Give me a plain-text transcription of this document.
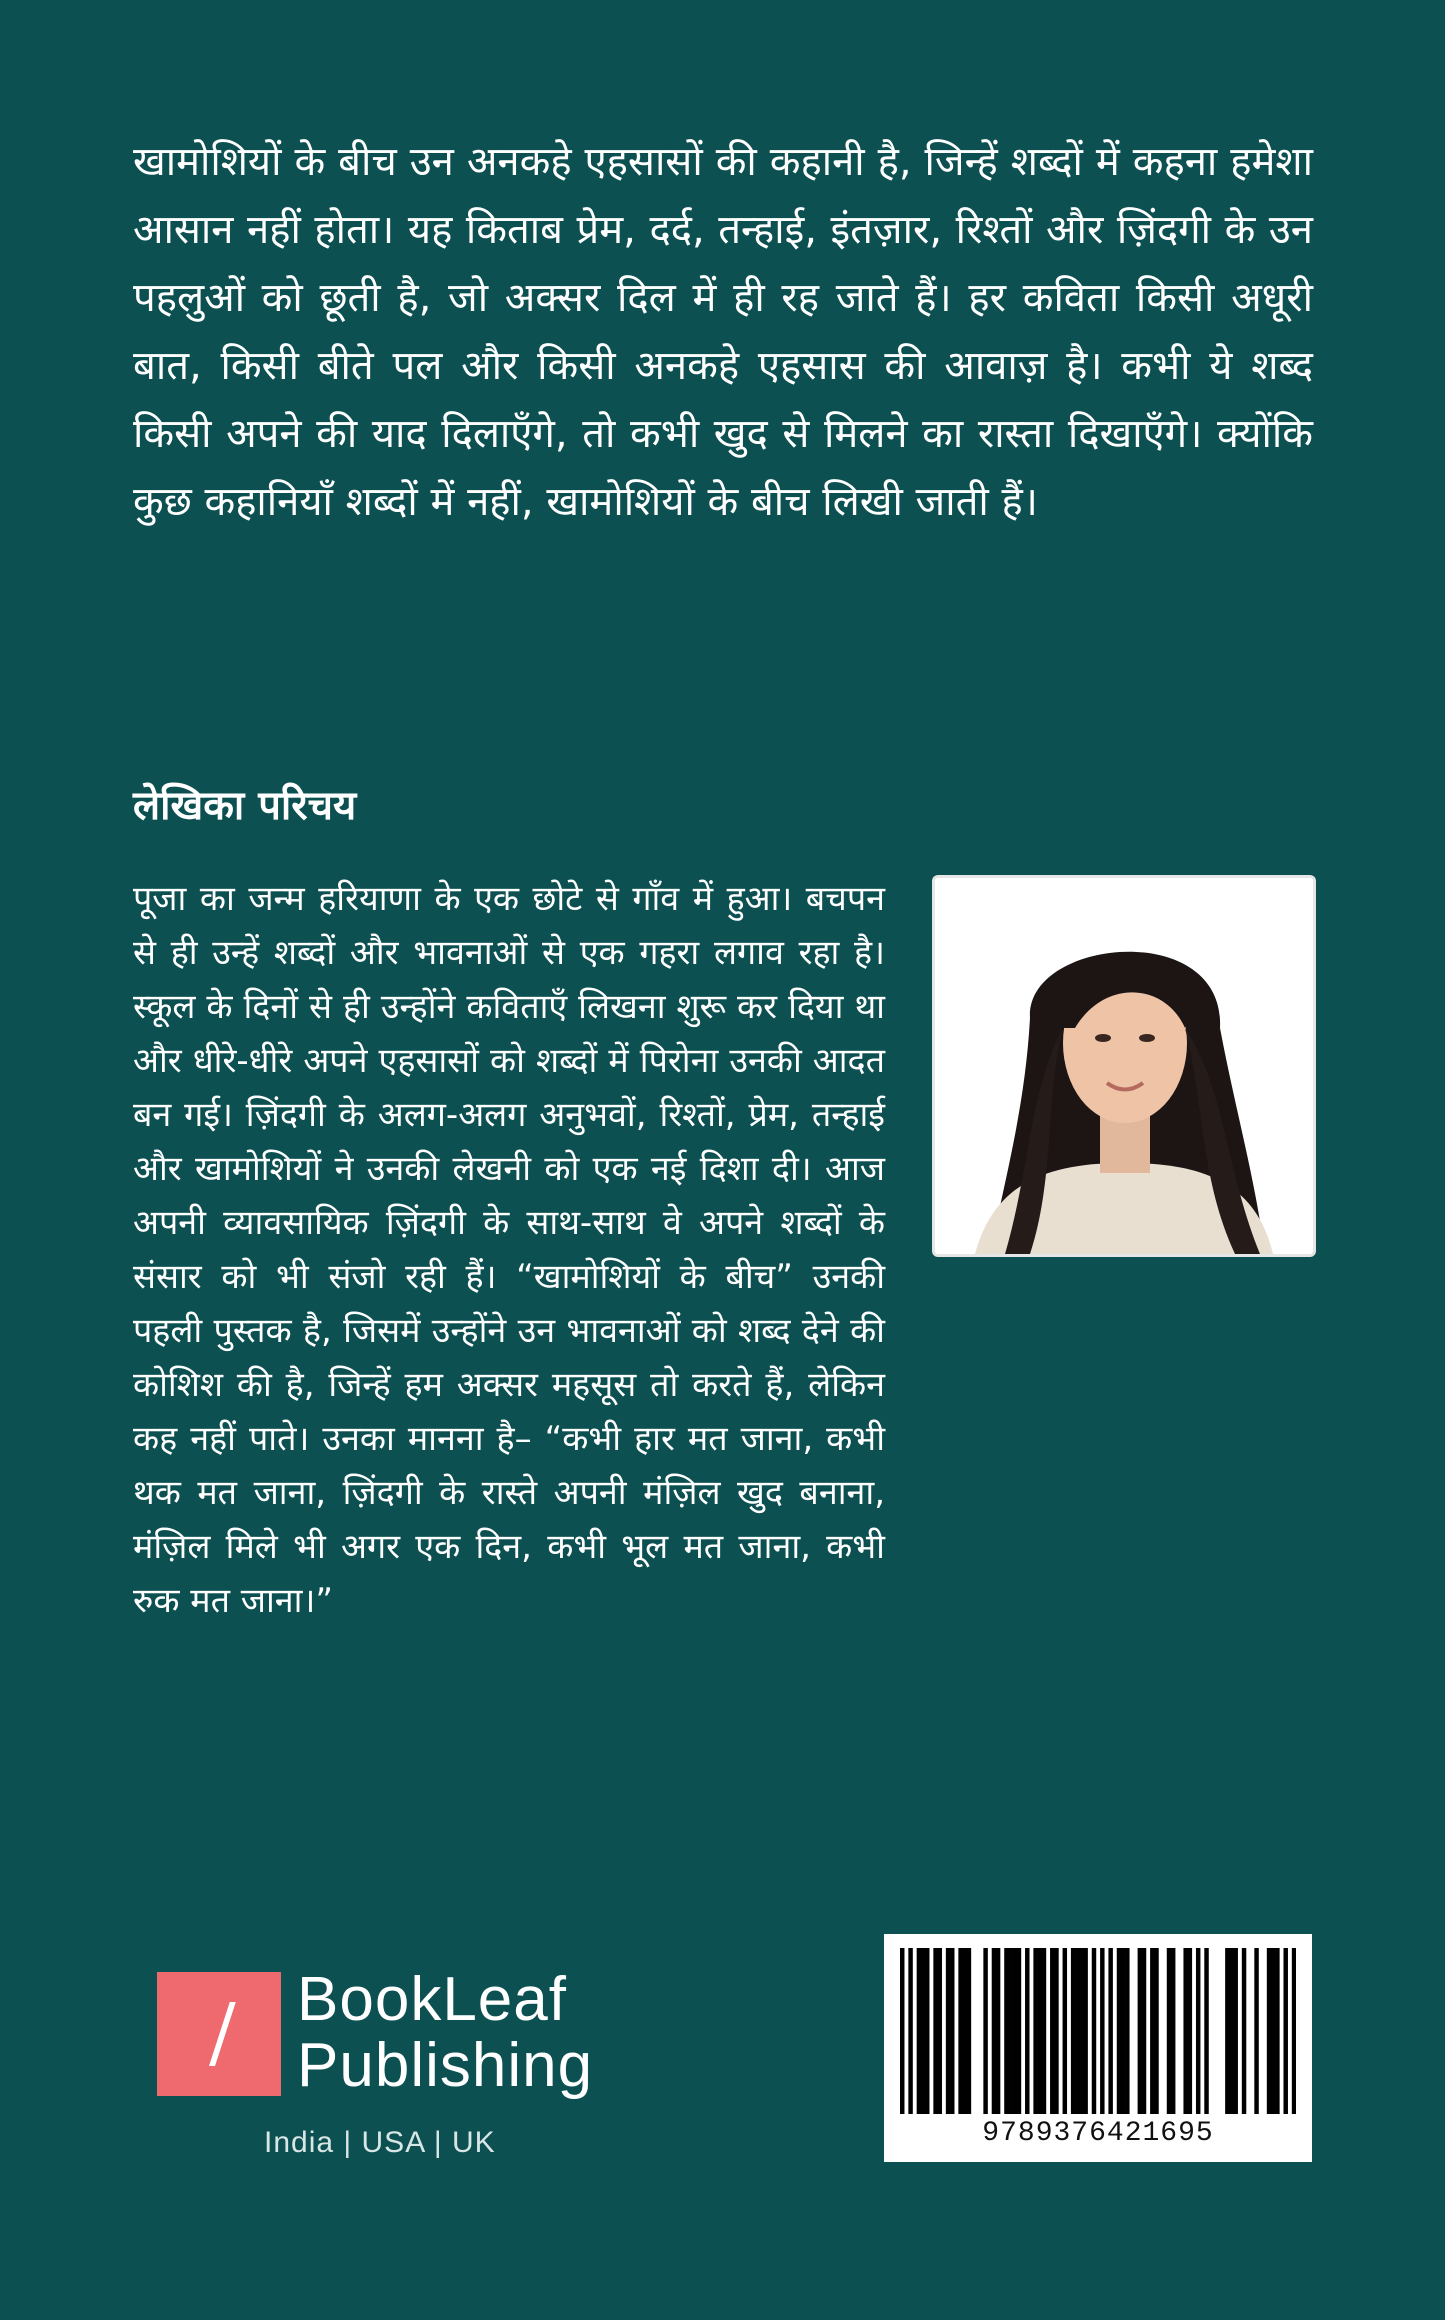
खामोशियों के बीच उन अनकहे एहसासों की कहानी है, जिन्हें शब्दों में कहना हमेशा आसान नहीं होता। यह किताब प्रेम, दर्द, तन्हाई, इंतज़ार, रिश्तों और ज़िंदगी के उन पहलुओं को छूती है, जो अक्सर दिल में ही रह जाते हैं। हर कविता किसी अधूरी बात, किसी बीते पल और किसी अनकहे एहसास की आवाज़ है। कभी ये शब्द किसी अपने की याद दिलाएँगे, तो कभी खुद से मिलने का रास्ता दिखाएँगे। क्योंकि कुछ कहानियाँ शब्दों में नहीं, खामोशियों के बीच लिखी जाती हैं।

लेखिका परिचय

पूजा का जन्म हरियाणा के एक छोटे से गाँव में हुआ। बचपन से ही उन्हें शब्दों और भावनाओं से एक गहरा लगाव रहा है। स्कूल के दिनों से ही उन्होंने कविताएँ लिखना शुरू कर दिया था और धीरे-धीरे अपने एहसासों को शब्दों में पिरोना उनकी आदत बन गई। ज़िंदगी के अलग-अलग अनुभवों, रिश्तों, प्रेम, तन्हाई और खामोशियों ने उनकी लेखनी को एक नई दिशा दी। आज अपनी व्यावसायिक ज़िंदगी के साथ-साथ वे अपने शब्दों के संसार को भी संजो रही हैं। “खामोशियों के बीच” उनकी पहली पुस्तक है, जिसमें उन्होंने उन भावनाओं को शब्द देने की कोशिश की है, जिन्हें हम अक्सर महसूस तो करते हैं, लेकिन कह नहीं पाते। उनका मानना है– “कभी हार मत जाना, कभी थक मत जाना, ज़िंदगी के रास्ते अपनी मंज़िल खुद बनाना, मंज़िल मिले भी अगर एक दिन, कभी भूल मत जाना, कभी रुक मत जाना।”

BookLeaf
Publishing
India | USA | UK	9789376421695
